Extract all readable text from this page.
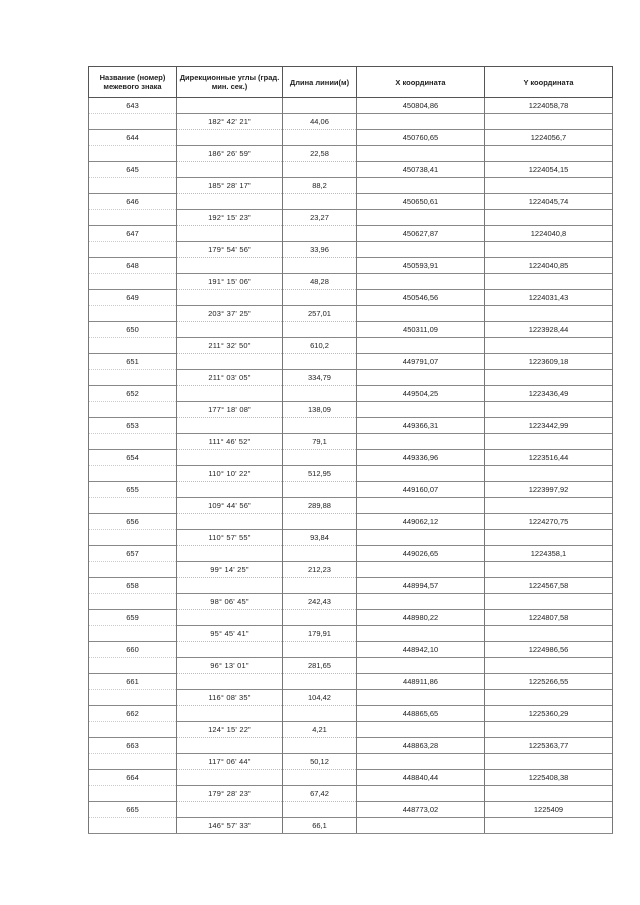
Название (номер) межевого знака	Дирекционные углы (град. мин. сек.)	Длина линии(м)	X координата	Y координата
643			450804,86	1224058,78
	182° 42' 21"	44,06		
644			450760,65	1224056,7
	186° 26' 59"	22,58		
645			450738,41	1224054,15
	185° 28' 17"	88,2		
646			450650,61	1224045,74
	192° 15' 23"	23,27		
647			450627,87	1224040,8
	179° 54' 56"	33,96		
648			450593,91	1224040,85
	191° 15' 06"	48,28		
649			450546,56	1224031,43
	203° 37' 25"	257,01		
650			450311,09	1223928,44
	211° 32' 50"	610,2		
651			449791,07	1223609,18
	211° 03' 05"	334,79		
652			449504,25	1223436,49
	177° 18' 08"	138,09		
653			449366,31	1223442,99
	111° 46' 52"	79,1		
654			449336,96	1223516,44
	110° 10' 22"	512,95		
655			449160,07	1223997,92
	109° 44' 56"	289,88		
656			449062,12	1224270,75
	110° 57' 55"	93,84		
657			449026,65	1224358,1
	99° 14' 25"	212,23		
658			448994,57	1224567,58
	98° 06' 45"	242,43		
659			448980,22	1224807,58
	95° 45' 41"	179,91		
660			448942,10	1224986,56
	96° 13' 01"	281,65		
661			448911,86	1225266,55
	116° 08' 35"	104,42		
662			448865,65	1225360,29
	124° 15' 22"	4,21		
663			448863,28	1225363,77
	117° 06' 44"	50,12		
664			448840,44	1225408,38
	179° 28' 23"	67,42		
665			448773,02	1225409
	146° 57' 33"	66,1		
